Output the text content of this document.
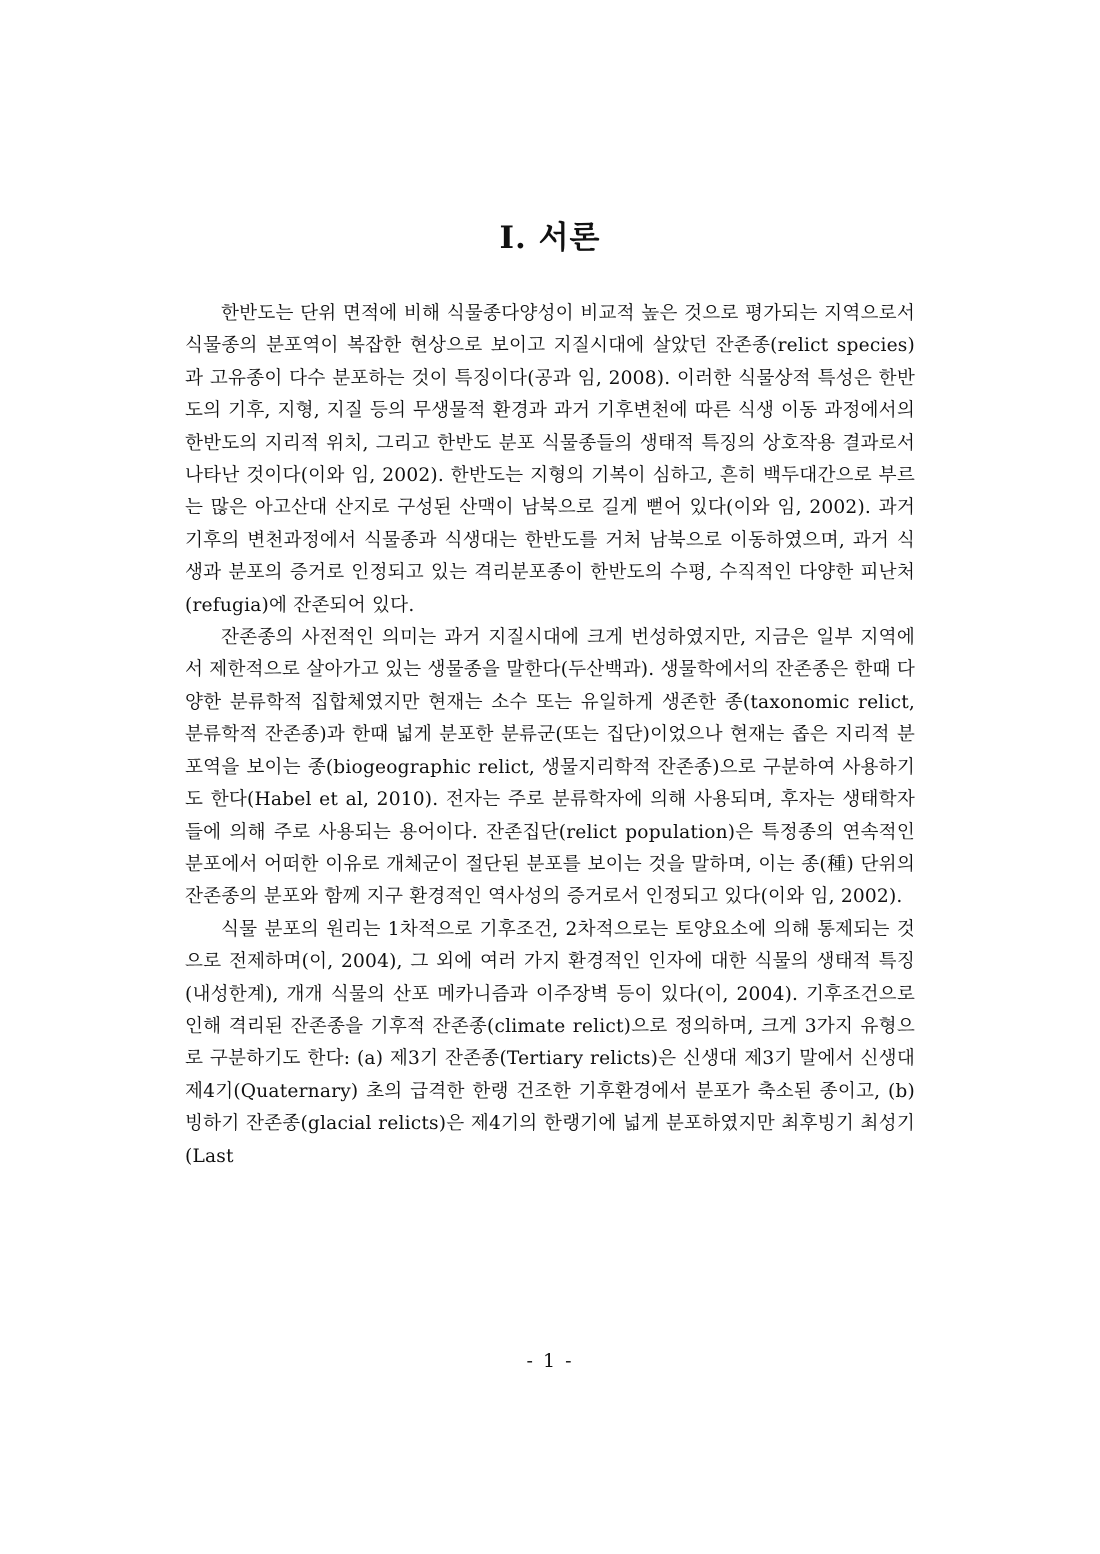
I. 서론

한반도는 단위 면적에 비해 식물종다양성이 비교적 높은 것으로 평가되는 지역으로서 식물종의 분포역이 복잡한 현상으로 보이고 지질시대에 살았던 잔존종(relict species)과 고유종이 다수 분포하는 것이 특징이다(공과 임, 2008). 이러한 식물상적 특성은 한반도의 기후, 지형, 지질 등의 무생물적 환경과 과거 기후변천에 따른 식생 이동 과정에서의 한반도의 지리적 위치, 그리고 한반도 분포 식물종들의 생태적 특징의 상호작용 결과로서 나타난 것이다(이와 임, 2002). 한반도는 지형의 기복이 심하고, 흔히 백두대간으로 부르는 많은 아고산대 산지로 구성된 산맥이 남북으로 길게 뻗어 있다(이와 임, 2002). 과거 기후의 변천과정에서 식물종과 식생대는 한반도를 거처 남북으로 이동하였으며, 과거 식생과 분포의 증거로 인정되고 있는 격리분포종이 한반도의 수평, 수직적인 다양한 피난처(refugia)에 잔존되어 있다.

잔존종의 사전적인 의미는 과거 지질시대에 크게 번성하였지만, 지금은 일부 지역에서 제한적으로 살아가고 있는 생물종을 말한다(두산백과). 생물학에서의 잔존종은 한때 다양한 분류학적 집합체였지만 현재는 소수 또는 유일하게 생존한 종(taxonomic relict, 분류학적 잔존종)과 한때 넓게 분포한 분류군(또는 집단)이었으나 현재는 좁은 지리적 분포역을 보이는 종(biogeographic relict, 생물지리학적 잔존종)으로 구분하여 사용하기도 한다(Habel et al, 2010). 전자는 주로 분류학자에 의해 사용되며, 후자는 생태학자들에 의해 주로 사용되는 용어이다. 잔존집단(relict population)은 특정종의 연속적인 분포에서 어떠한 이유로 개체군이 절단된 분포를 보이는 것을 말하며, 이는 종(種) 단위의 잔존종의 분포와 함께 지구 환경적인 역사성의 증거로서 인정되고 있다(이와 임, 2002).

식물 분포의 원리는 1차적으로 기후조건, 2차적으로는 토양요소에 의해 통제되는 것으로 전제하며(이, 2004), 그 외에 여러 가지 환경적인 인자에 대한 식물의 생태적 특징(내성한계), 개개 식물의 산포 메카니즘과 이주장벽 등이 있다(이, 2004). 기후조건으로 인해 격리된 잔존종을 기후적 잔존종(climate relict)으로 정의하며, 크게 3가지 유형으로 구분하기도 한다: (a) 제3기 잔존종(Tertiary relicts)은 신생대 제3기 말에서 신생대 제4기(Quaternary) 초의 급격한 한랭 건조한 기후환경에서 분포가 축소된 종이고, (b) 빙하기 잔존종(glacial relicts)은 제4기의 한랭기에 넓게 분포하였지만 최후빙기 최성기(Last

- 1 -
